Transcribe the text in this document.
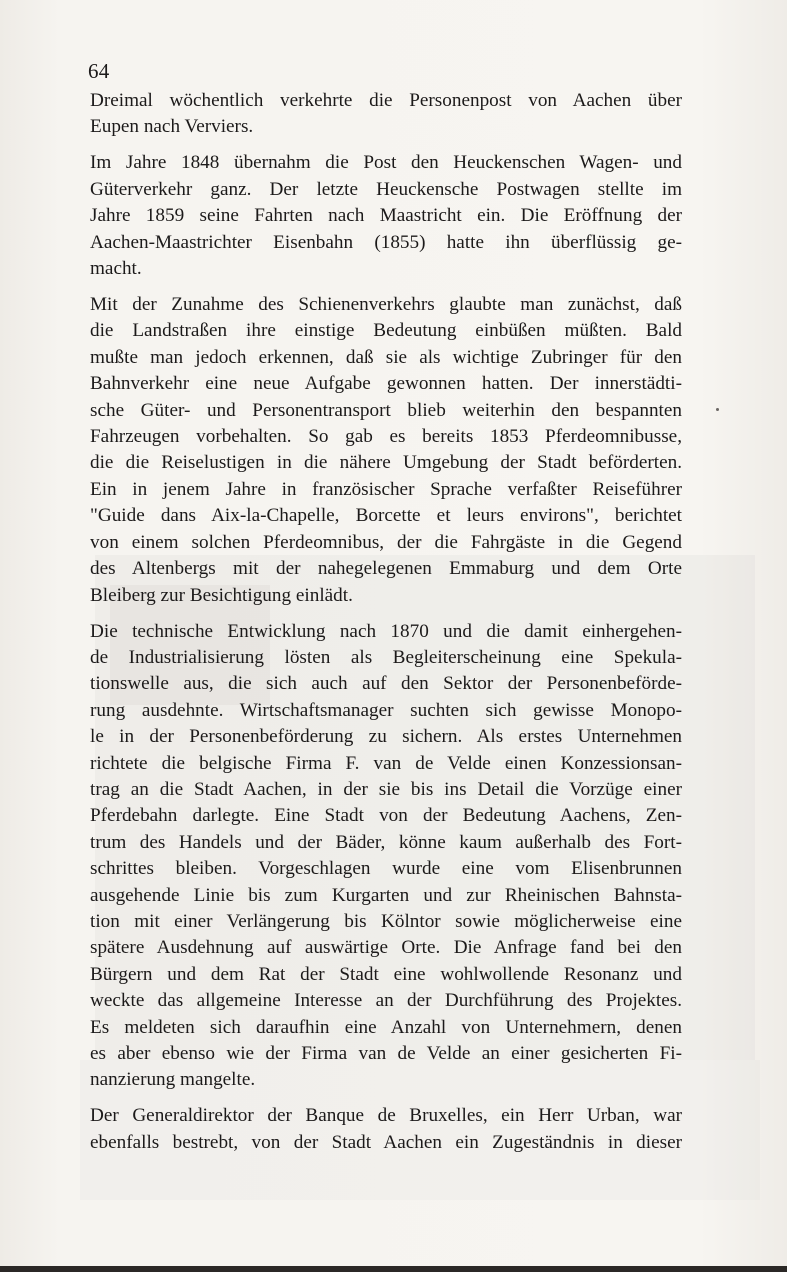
64

Dreimal wöchentlich verkehrte die Personenpost von Aachen über
Eupen nach Verviers.

Im Jahre 1848 übernahm die Post den Heuckenschen Wagen- und
Güterverkehr ganz. Der letzte Heuckensche Postwagen stellte im
Jahre 1859 seine Fahrten nach Maastricht ein. Die Eröffnung der
Aachen-Maastrichter Eisenbahn (1855) hatte ihn überflüssig ge-
macht.

Mit der Zunahme des Schienenverkehrs glaubte man zunächst, daß
die Landstraßen ihre einstige Bedeutung einbüßen müßten. Bald
mußte man jedoch erkennen, daß sie als wichtige Zubringer für den
Bahnverkehr eine neue Aufgabe gewonnen hatten. Der innerstädti-
sche Güter- und Personentransport blieb weiterhin den bespannten
Fahrzeugen vorbehalten. So gab es bereits 1853 Pferdeomnibusse,
die die Reiselustigen in die nähere Umgebung der Stadt beförderten.
Ein in jenem Jahre in französischer Sprache verfaßter Reiseführer
"Guide dans Aix-la-Chapelle, Borcette et leurs environs", berichtet
von einem solchen Pferdeomnibus, der die Fahrgäste in die Gegend
des Altenbergs mit der nahegelegenen Emmaburg und dem Orte
Bleiberg zur Besichtigung einlädt.

Die technische Entwicklung nach 1870 und die damit einhergehen-
de Industrialisierung lösten als Begleiterscheinung eine Spekula-
tionswelle aus, die sich auch auf den Sektor der Personenbeförde-
rung ausdehnte. Wirtschaftsmanager suchten sich gewisse Monopo-
le in der Personenbeförderung zu sichern. Als erstes Unternehmen
richtete die belgische Firma F. van de Velde einen Konzessionsan-
trag an die Stadt Aachen, in der sie bis ins Detail die Vorzüge einer
Pferdebahn darlegte. Eine Stadt von der Bedeutung Aachens, Zen-
trum des Handels und der Bäder, könne kaum außerhalb des Fort-
schrittes bleiben. Vorgeschlagen wurde eine vom Elisenbrunnen
ausgehende Linie bis zum Kurgarten und zur Rheinischen Bahnsta-
tion mit einer Verlängerung bis Kölntor sowie möglicherweise eine
spätere Ausdehnung auf auswärtige Orte. Die Anfrage fand bei den
Bürgern und dem Rat der Stadt eine wohlwollende Resonanz und
weckte das allgemeine Interesse an der Durchführung des Projektes.
Es meldeten sich daraufhin eine Anzahl von Unternehmern, denen
es aber ebenso wie der Firma van de Velde an einer gesicherten Fi-
nanzierung mangelte.

Der Generaldirektor der Banque de Bruxelles, ein Herr Urban, war
ebenfalls bestrebt, von der Stadt Aachen ein Zugeständnis in dieser
